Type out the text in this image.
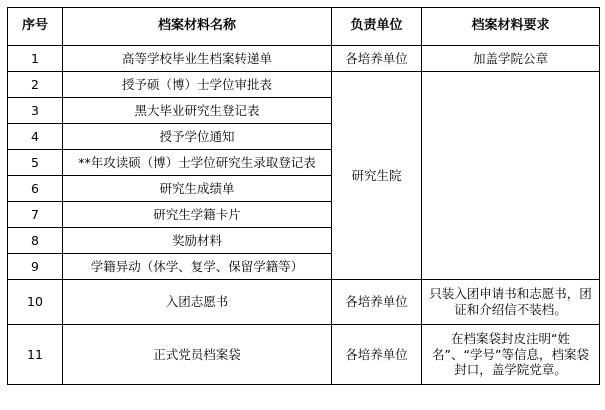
序号	档案材料名称	负责单位	档案材料要求
1	高等学校毕业生档案转递单	各培养单位	加盖学院公章
2	授予硕（博）士学位审批表	研究生院	
3	黑大毕业研究生登记表		
4	授予学位通知		
5	**年攻读硕（博）士学位研究生录取登记表		
6	研究生成绩单		
7	研究生学籍卡片		
8	奖励材料		
9	学籍异动（休学、复学、保留学籍等）		
10	入团志愿书	各培养单位	只装入团申请书和志愿书，团证和介绍信不装档。
11	正式党员档案袋	各培养单位	在档案袋封皮注明“姓名”、“学号”等信息，档案袋封口，盖学院党章。
